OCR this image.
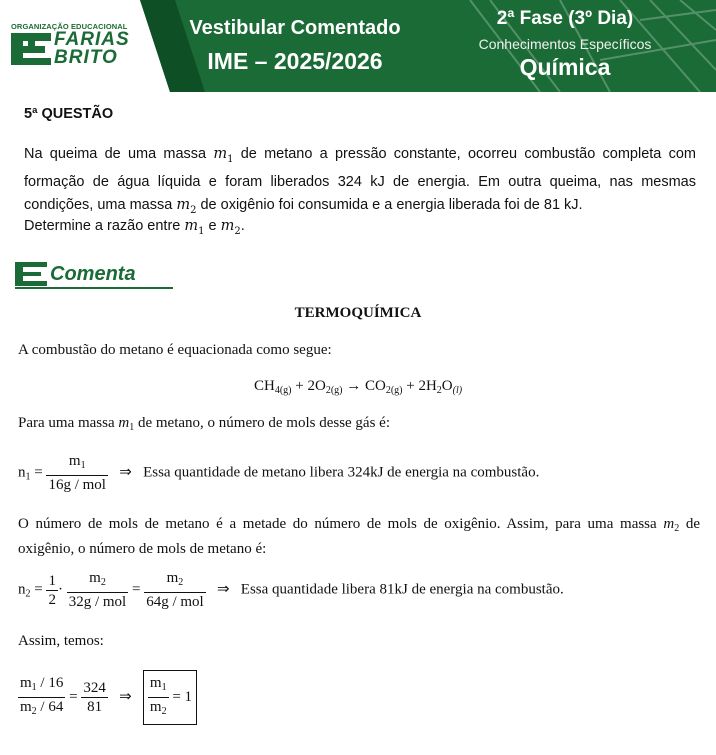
ORGANIZAÇÃO EDUCACIONAL
FARIAS
BRITO
Vestibular Comentado
IME – 2025/2026
2ª Fase (3º Dia)
Conhecimentos Específicos
Química
5ª QUESTÃO
Na queima de uma massa $m_1$ de metano a pressão constante, ocorreu combustão completa com formação de água líquida e foram liberados 324 kJ de energia. Em outra queima, nas mesmas condições, uma massa $m_2$ de oxigênio foi consumida e a energia liberada foi de 81 kJ.
Determine a razão entre $m_1$ e $m_2$.
Comenta
TERMOQUÍMICA
A combustão do metano é equacionada como segue:
$CH_{4(g)} + 2O_{2(g)} \to CO_{2(g)} + 2H_2O_{(l)}$
Para uma massa $m_1$ de metano, o número de mols desse gás é:
$n_1 = \frac{m_1}{\text{16g / mol}}$ ⇒ Essa quantidade de metano libera 324kJ de energia na combustão.
O número de mols de metano é a metade do número de mols de oxigênio. Assim, para uma massa $m_2$ de oxigênio, o número de mols de metano é:
$n_2 = \frac{1}{2} \cdot \frac{m_2}{\text{32g / mol}} = \frac{m_2}{\text{64g / mol}}$ ⇒ Essa quantidade libera 81kJ de energia na combustão.
Assim, temos:
$\frac{m_1 / 16}{m_2 / 64} = \frac{324}{81}$ ⇒ $\frac{m_1}{m_2} = 1$
